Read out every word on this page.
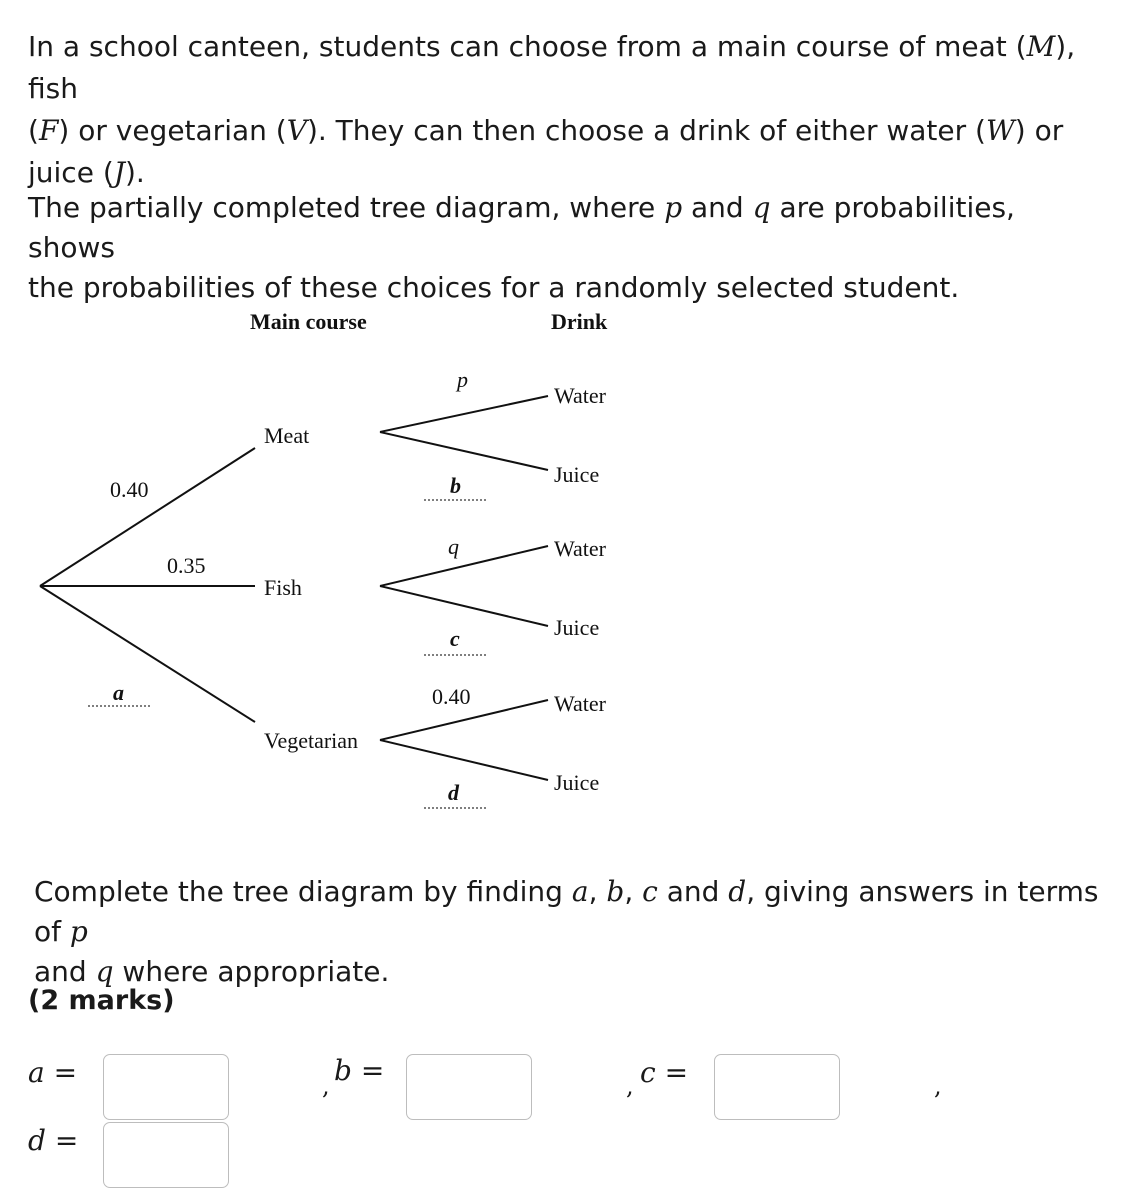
In a school canteen, students can choose from a main course of meat (M), fish
(F) or vegetarian (V). They can then choose a drink of either water (W) or
juice (J).

The partially completed tree diagram, where p and q are probabilities, shows
the probabilities of these choices for a randomly selected student.

Main course	Drink
0.40
0.35
a
Meat
Fish
Vegetarian
p
b
q
c
0.40
d
Water
Juice
Water
Juice
Water
Juice

Complete the tree diagram by finding a, b, c and d, giving answers in terms of p
and q where appropriate.

(2 marks)

a =	, b =	, c =	,
d =
